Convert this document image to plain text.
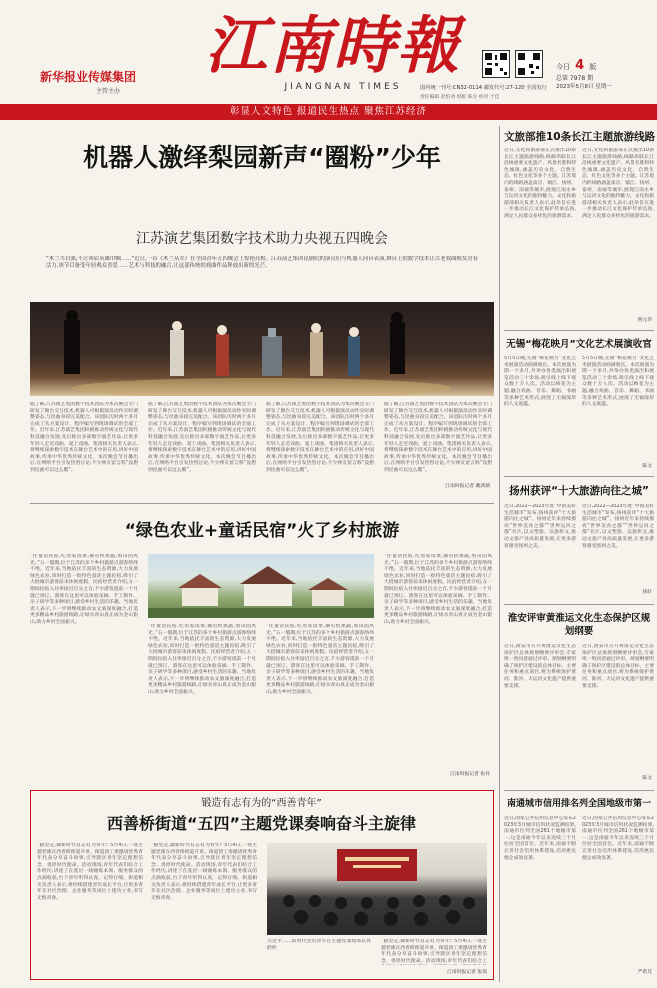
新华报业传媒集团
主管主办
江南時報
JIANGNAN TIMES
今日 4 版
总第 7978 期
2023年5月8日 星期一
国内统一刊号:CN32-0114 邮发代号:27-120 全国发行
责任编辑 赵怕劝 组版 陈方 校对 于佳
彰显人文特色 报道民生热点 聚焦江苏经济
机器人激绎梨园新声“圈粉”少年
江苏演艺集团数字技术助力央视五四晚会
“木兰当自强,不让须眉英雄巾帼……”近日,一首《木兰从军》在全国青年五四晚会上惊艳亮相。江苏演艺集团昆剧院的演员们与机器人同台表演,舞台上的数字技术让古老戏曲焕发青春活力,该节目备受年轻观众喜爱……艺术与科技的融合,让这部传统的戏曲作品释放出新的光芒。
据了解,江苏演艺集团数字技术团队为本次晚会专门研发了舞台交互技术,机器人可根据演员动作实时调整姿态,与昆曲身段完美配合。该团队历时两个多月完成了从方案设计、程序编写到现场调试的全部工作。近年来,江苏演艺集团积极推动传统文化与现代科技融合发展,先后推出多部数字演艺作品,让更多年轻人走近戏曲、爱上戏曲。集团相关负责人表示,将继续探索数字技术在舞台艺术中的应用,讲好中国故事,传承中华优秀传统文化。本次晚会节目播出后,在网络平台引发热烈讨论,不少网友留言称“没想到昆曲可以这么酷”。
据了解,江苏演艺集团数字技术团队为本次晚会专门研发了舞台交互技术,机器人可根据演员动作实时调整姿态,与昆曲身段完美配合。该团队历时两个多月完成了从方案设计、程序编写到现场调试的全部工作。近年来,江苏演艺集团积极推动传统文化与现代科技融合发展,先后推出多部数字演艺作品,让更多年轻人走近戏曲、爱上戏曲。集团相关负责人表示,将继续探索数字技术在舞台艺术中的应用,讲好中国故事,传承中华优秀传统文化。本次晚会节目播出后,在网络平台引发热烈讨论,不少网友留言称“没想到昆曲可以这么酷”。
据了解,江苏演艺集团数字技术团队为本次晚会专门研发了舞台交互技术,机器人可根据演员动作实时调整姿态,与昆曲身段完美配合。该团队历时两个多月完成了从方案设计、程序编写到现场调试的全部工作。近年来,江苏演艺集团积极推动传统文化与现代科技融合发展,先后推出多部数字演艺作品,让更多年轻人走近戏曲、爱上戏曲。集团相关负责人表示,将继续探索数字技术在舞台艺术中的应用,讲好中国故事,传承中华优秀传统文化。本次晚会节目播出后,在网络平台引发热烈讨论,不少网友留言称“没想到昆曲可以这么酷”。
据了解,江苏演艺集团数字技术团队为本次晚会专门研发了舞台交互技术,机器人可根据演员动作实时调整姿态,与昆曲身段完美配合。该团队历时两个多月完成了从方案设计、程序编写到现场调试的全部工作。近年来,江苏演艺集团积极推动传统文化与现代科技融合发展,先后推出多部数字演艺作品,让更多年轻人走近戏曲、爱上戏曲。集团相关负责人表示,将继续探索数字技术在舞台艺术中的应用,讲好中国故事,传承中华优秀传统文化。本次晚会节目播出后,在网络平台引发热烈讨论,不少网友留言称“没想到昆曲可以这么酷”。
江南时报记者 戴鸿炳
“绿色农业+童话民宿”火了乡村旅游
“住童话民宿,吃农家饭菜,摘有机果蔬,看田园风光。”五一假期,位于江苏的多个乡村旅游点游客络绎不绝。近年来,当地依托丰富的生态资源,大力发展绿色农业,同时打造一批特色童话主题民宿,吸引了大批城市游客前来休闲度假。民宿经营者介绍,五一期间民宿入住率接近百分之百,不少游客提前一个月就已预订。游客在这里可以体验采摘、手工制作、亲子研学等多种项目,感受乡村生活的乐趣。当地负责人表示,下一步将继续推动农文旅深度融合,打造更多精品乡村旅游线路,让绿水青山真正成为金山银山,助力乡村全面振兴。
“住童话民宿,吃农家饭菜,摘有机果蔬,看田园风光。”五一假期,位于江苏的多个乡村旅游点游客络绎不绝。近年来,当地依托丰富的生态资源,大力发展绿色农业,同时打造一批特色童话主题民宿,吸引了大批城市游客前来休闲度假。民宿经营者介绍,五一期间民宿入住率接近百分之百,不少游客提前一个月就已预订。游客在这里可以体验采摘、手工制作、亲子研学等多种项目,感受乡村生活的乐趣。当地负责人表示,下一步将继续推动农文旅深度融合,打造更多精品乡村旅游线路,让绿水青山真正成为金山银山,助力乡村全面振兴。
“住童话民宿,吃农家饭菜,摘有机果蔬,看田园风光。”五一假期,位于江苏的多个乡村旅游点游客络绎不绝。近年来,当地依托丰富的生态资源,大力发展绿色农业,同时打造一批特色童话主题民宿,吸引了大批城市游客前来休闲度假。民宿经营者介绍,五一期间民宿入住率接近百分之百,不少游客提前一个月就已预订。游客在这里可以体验采摘、手工制作、亲子研学等多种项目,感受乡村生活的乐趣。当地负责人表示,下一步将继续推动农文旅深度融合,打造更多精品乡村旅游线路,让绿水青山真正成为金山银山,助力乡村全面振兴。
“住童话民宿,吃农家饭菜,摘有机果蔬,看田园风光。”五一假期,位于江苏的多个乡村旅游点游客络绎不绝。近年来,当地依托丰富的生态资源,大力发展绿色农业,同时打造一批特色童话主题民宿,吸引了大批城市游客前来休闲度假。民宿经营者介绍,五一期间民宿入住率接近百分之百,不少游客提前一个月就已预订。游客在这里可以体验采摘、手工制作、亲子研学等多种项目,感受乡村生活的乐趣。当地负责人表示,下一步将继续推动农文旅深度融合,打造更多精品乡村旅游线路,让绿水青山真正成为金山银山,助力乡村全面振兴。
江南时报记者 张祥
锻造有志有为的“西善青年”
西善桥街道“五四”主题党课奏响奋斗主旋律
“跟党走,做新时代有志有为青年!”5月4日,一场主题党课在西善桥街道开讲。街道团工委邀请优秀青年代表分享奋斗故事,引导辖区青年坚定理想信念、勇担时代使命。活动现场,青年代表们结合工作经历,讲述了在基层一线锤炼本领、服务群众的点滴收获,台下青年听得认真、记得仔细。街道相关负责人表示,将持续搭建青年成长平台,让更多青年在社区治理、企业服务等岗位上建功立业,书写无悔青春。
“跟党走,做新时代有志有为青年!”5月4日,一场主题党课在西善桥街道开讲。街道团工委邀请优秀青年代表分享奋斗故事,引导辖区青年坚定理想信念、勇担时代使命。活动现场,青年代表们结合工作经历,讲述了在基层一线锤炼本领、服务群众的点滴收获,台下青年听得认真、记得仔细。街道相关负责人表示,将持续搭建青年成长平台,让更多青年在社区治理、企业服务等岗位上建功立业,书写无悔青春。
习近平……新时代党员青年在主题党课现场认真聆听
“跟党走,做新时代有志有为青年!”5月4日,一场主题党课在西善桥街道开讲。街道团工委邀请优秀青年代表分享奋斗故事,引导辖区青年坚定理想信念、勇担时代使命。活动现场,青年代表们结合工
江南时报记者 张茹
文旅部推10条长江主题旅游线路
近日,文化和旅游部正式推出10条长江主题旅游线路,线路串联长江沿线重要文化遗产、风景名胜和特色城镇,涵盖历史文化、自然生态、红色文化等多个主题。江苏境内的线路涵盖南京、镇江、扬州、泰州、南通等城市,展现江南水乡与运河文化的独特魅力。文化和旅游部相关负责人表示,此举旨在进一步推动长江文化保护传承弘扬,满足人民群众多样化的旅游需求。
近日,文化和旅游部正式推出10条长江主题旅游线路,线路串联长江沿线重要文化遗产、风景名胜和特色城镇,涵盖历史文化、自然生态、红色文化等多个主题。江苏境内的线路涵盖南京、镇江、扬州、泰州、南通等城市,展现江南水乡与运河文化的独特魅力。文化和旅游部相关负责人表示,此举旨在进一步推动长江文化保护传承弘扬,满足人民群众多样化的旅游需求。
鲁元华
无锡“梅花映月”文化艺术展演收官
5月5日晚,无锡“梅花映月”文化艺术展演活动圆满收官。本次展演为期一个多月,共举办各类演出和展览活动三十余场,吸引线上线下观众数十万人次。活动以梅花为主题,融合戏曲、音乐、舞蹈、书画等多种艺术形式,展现了无锡深厚的人文底蕴。
5月5日晚,无锡“梅花映月”文化艺术展演活动圆满收官。本次展演为期一个多月,共举办各类演出和展览活动三十余场,吸引线上线下观众数十万人次。活动以梅花为主题,融合戏曲、音乐、舞蹈、书画等多种艺术形式,展现了无锡深厚的人文底蕴。
陈文
扬州获评“十大旅游向往之城”
近日,2022—2023年度“中国美好生活城市”发布,扬州获评“十大旅游向往之城”。扬州近年来持续擦亮“世界美食之都”“世界运河之都”名片,以文塑旅、以旅彰文,推动文旅产业高质量发展,让更多游客感受扬州之美。
近日,2022—2023年度“中国美好生活城市”发布,扬州获评“十大旅游向往之城”。扬州近年来持续擦亮“世界美食之都”“世界运河之都”名片,以文塑旅、以旅彰文,推动文旅产业高质量发展,让更多游客感受扬州之美。
扬轩
淮安评审黄淮运文化生态保护区规划纲要
近日,淮安市召开黄淮运文化生态保护区总体规划纲要评审会,专家组一致同意通过评审。规划纲要明确了保护区建设的总体目标、主要任务和重点项目,将为系统保护黄河、淮河、大运河文化遗产提供重要支撑。
近日,淮安市召开黄淮运文化生态保护区总体规划纲要评审会,专家组一致同意通过评审。规划纲要明确了保护区建设的总体目标、主要任务和重点项目,将为系统保护黄河、淮河、大运河文化遗产提供重要支撑。
陈文
南通城市信用排名列全国地级市第一
近日,国家公共信用信息中心发布2023年3月城市信用状况监测结果,南通市位列全国261个地级市第一,这是南通今年以来连续三个月位居全国首位。近年来,南通不断完善社会信用体系建设,信用惠民便企成效显著。
近日,国家公共信用信息中心发布2023年3月城市信用状况监测结果,南通市位列全国261个地级市第一,这是南通今年以来连续三个月位居全国首位。近年来,南通不断完善社会信用体系建设,信用惠民便企成效显著。
严希芃
